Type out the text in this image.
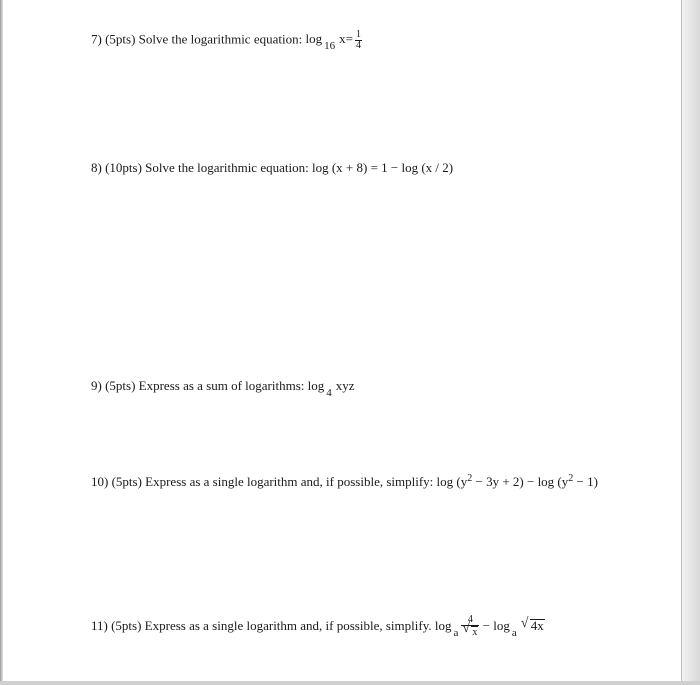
7) (5pts) Solve the logarithmic equation: log $_{16}$ $x= \frac{1}{4}$
8) (10pts) Solve the logarithmic equation: log (x + 8) = 1 − log (x / 2)
9) (5pts) Express as a sum of logarithms: log $_4$ xyz
10) (5pts) Express as a single logarithm and, if possible, simplify: $\log (y^2 - 3y + 2) - \log (y^2 - 1)$
11) (5pts) Express as a single logarithm and, if possible, simplify. $\log _a \frac{4}{√ x} - \log _a$
√ 4x
